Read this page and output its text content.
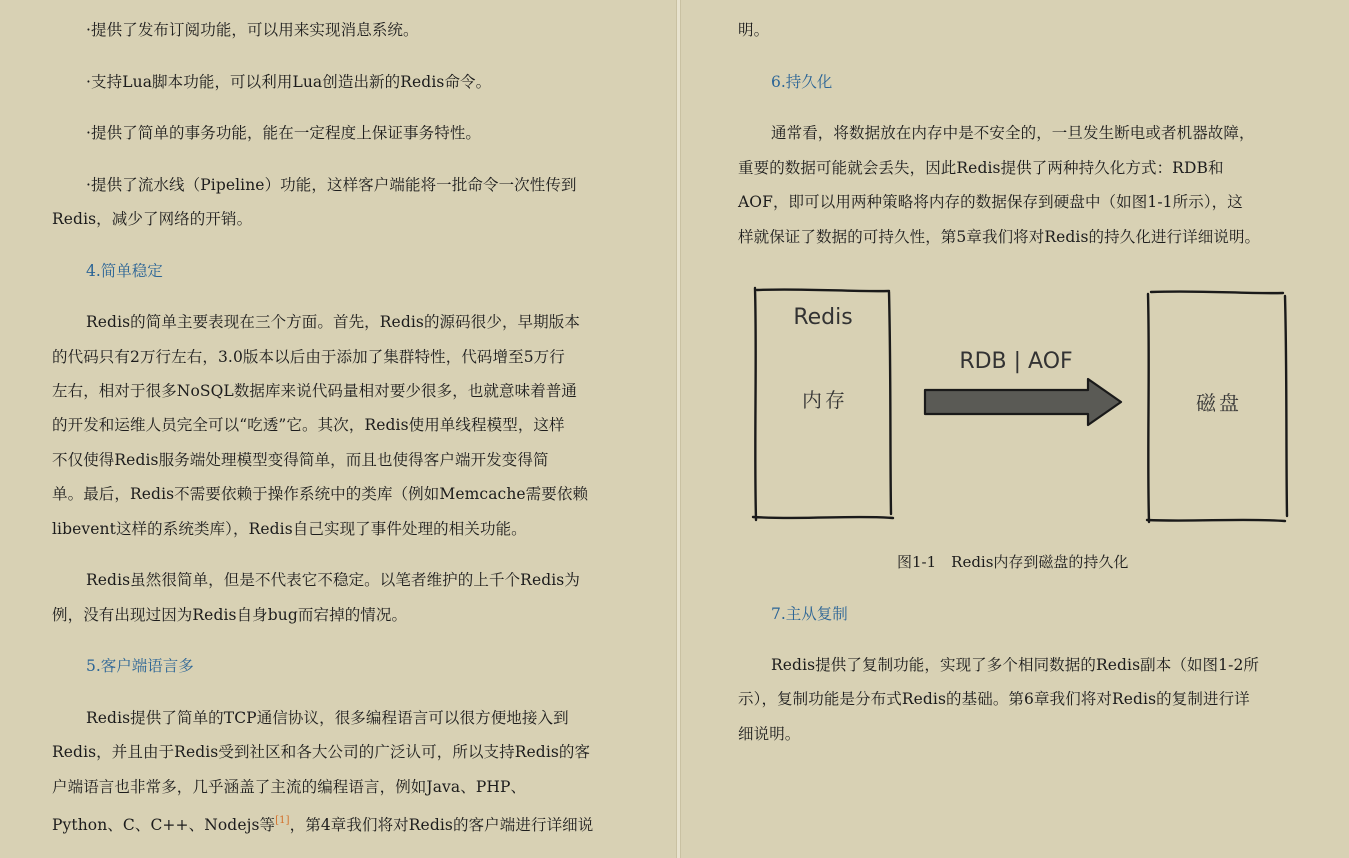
·提供了发布订阅功能，可以用来实现消息系统。

·支持Lua脚本功能，可以利用Lua创造出新的Redis命令。

·提供了简单的事务功能，能在一定程度上保证事务特性。

·提供了流水线（Pipeline）功能，这样客户端能将一批命令一次性传到

Redis，减少了网络的开销。

4.简单稳定

Redis的简单主要表现在三个方面。首先，Redis的源码很少，早期版本

的代码只有2万行左右，3.0版本以后由于添加了集群特性，代码增至5万行

左右，相对于很多NoSQL数据库来说代码量相对要少很多，也就意味着普通

的开发和运维人员完全可以“吃透”它。其次，Redis使用单线程模型，这样

不仅使得Redis服务端处理模型变得简单，而且也使得客户端开发变得简

单。最后，Redis不需要依赖于操作系统中的类库（例如Memcache需要依赖

libevent这样的系统类库），Redis自己实现了事件处理的相关功能。

Redis虽然很简单，但是不代表它不稳定。以笔者维护的上千个Redis为

例，没有出现过因为Redis自身bug而宕掉的情况。

5.客户端语言多

Redis提供了简单的TCP通信协议，很多编程语言可以很方便地接入到

Redis，并且由于Redis受到社区和各大公司的广泛认可，所以支持Redis的客

户端语言也非常多，几乎涵盖了主流的编程语言，例如Java、PHP、

Python、C、C++、Nodejs等[1]，第4章我们将对Redis的客户端进行详细说

明。

6.持久化

通常看，将数据放在内存中是不安全的，一旦发生断电或者机器故障，

重要的数据可能就会丢失，因此Redis提供了两种持久化方式：RDB和

AOF，即可以用两种策略将内存的数据保存到硬盘中（如图1-1所示），这

样就保证了数据的可持久性，第5章我们将对Redis的持久化进行详细说明。

Redis
内存
RDB | AOF
磁盘

图1-1　Redis内存到磁盘的持久化

7.主从复制

Redis提供了复制功能，实现了多个相同数据的Redis副本（如图1-2所

示），复制功能是分布式Redis的基础。第6章我们将对Redis的复制进行详

细说明。
